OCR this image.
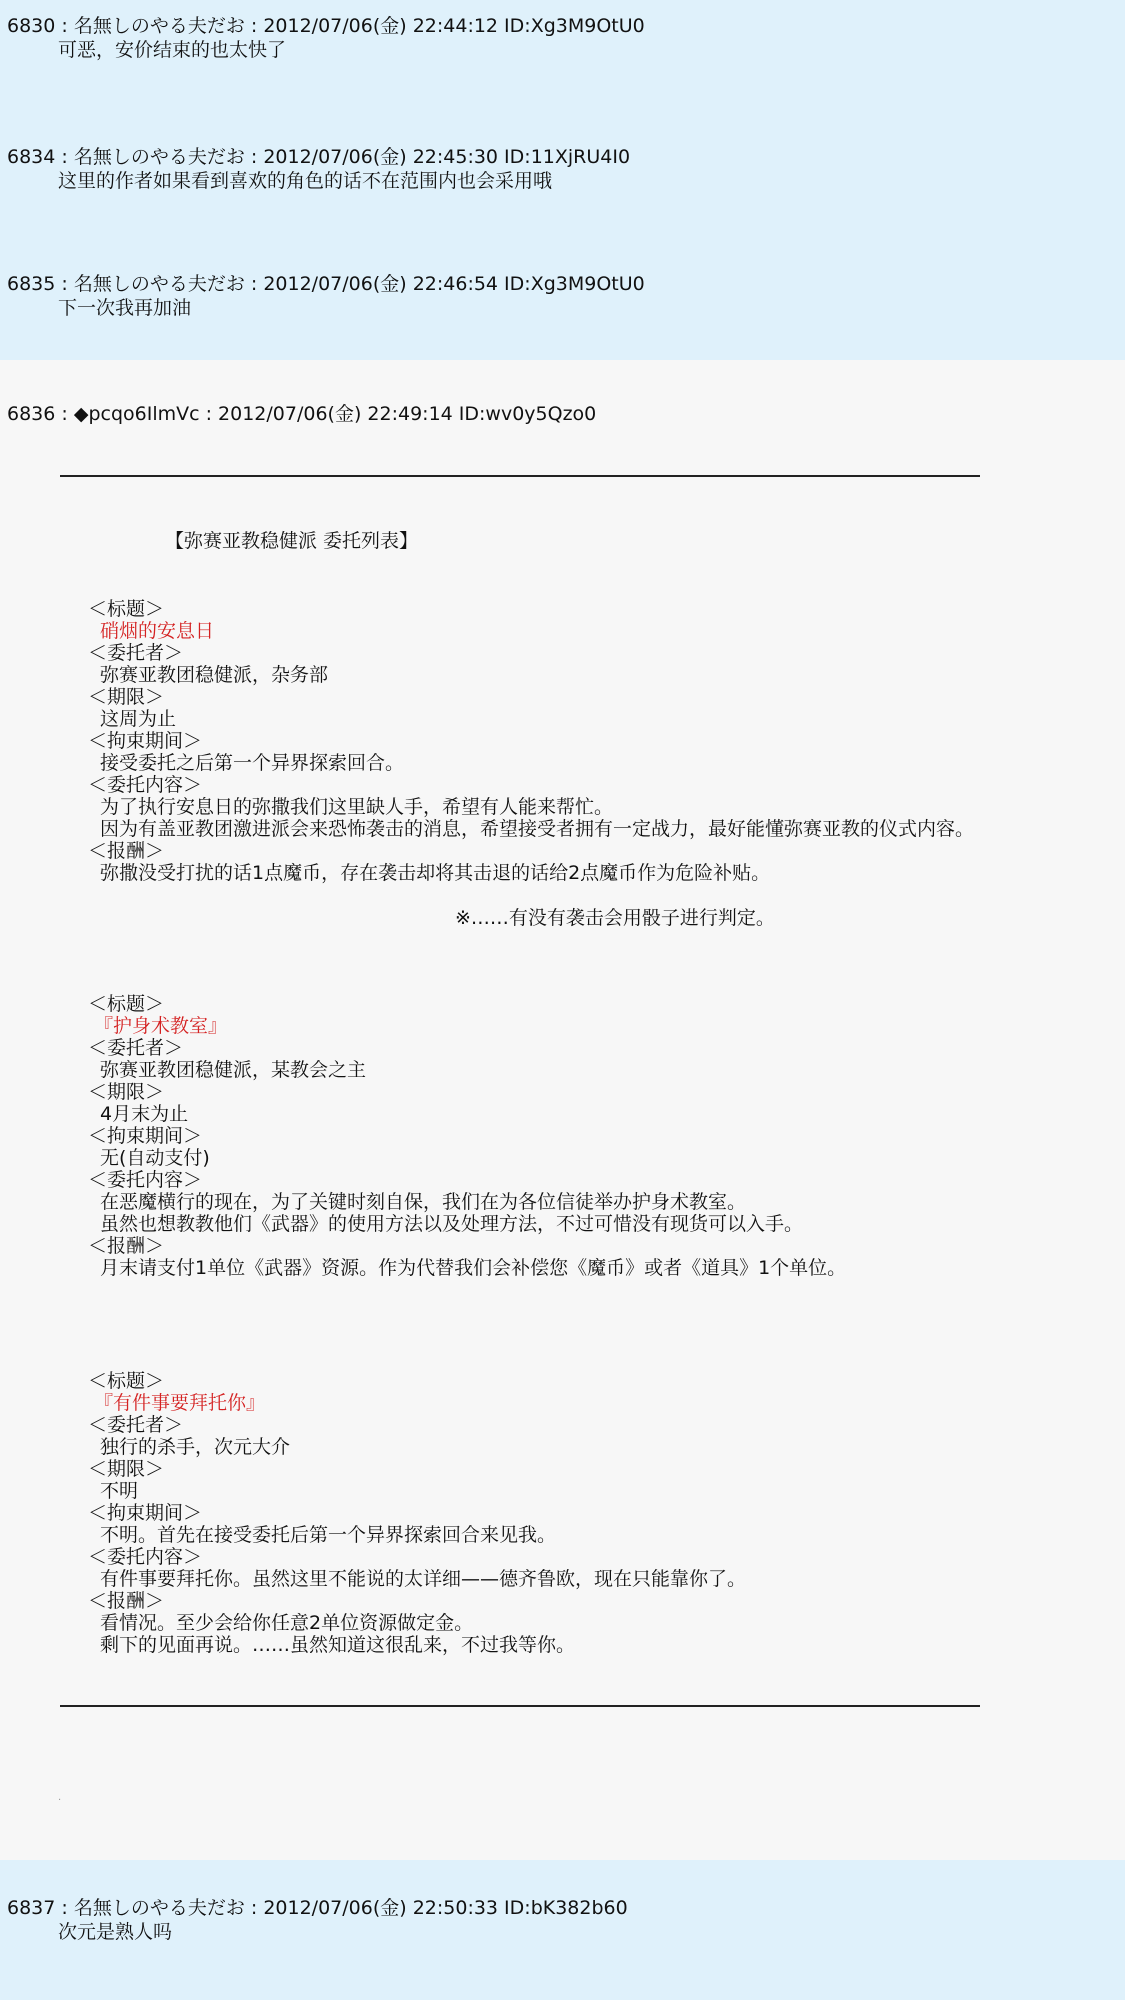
6830 : 名無しのやる夫だお : 2012/07/06(金) 22:44:12 ID:Xg3M9OtU0
可恶，安价结束的也太快了
6834 : 名無しのやる夫だお : 2012/07/06(金) 22:45:30 ID:11XjRU4I0
这里的作者如果看到喜欢的角色的话不在范围内也会采用哦
6835 : 名無しのやる夫だお : 2012/07/06(金) 22:46:54 ID:Xg3M9OtU0
下一次我再加油
6836 : ◆pcqo6IlmVc : 2012/07/06(金) 22:49:14 ID:wv0y5Qzo0
【弥赛亚教稳健派 委托列表】
＜标题＞
硝烟的安息日
＜委托者＞
弥赛亚教团稳健派，杂务部
＜期限＞
这周为止
＜拘束期间＞
接受委托之后第一个异界探索回合。
＜委托内容＞
为了执行安息日的弥撒我们这里缺人手，希望有人能来帮忙。
因为有盖亚教团激进派会来恐怖袭击的消息，希望接受者拥有一定战力，最好能懂弥赛亚教的仪式内容。
＜报酬＞
弥撒没受打扰的话1点魔币，存在袭击却将其击退的话给2点魔币作为危险补贴。
※……有没有袭击会用骰子进行判定。
＜标题＞
『护身术教室』
＜委托者＞
弥赛亚教团稳健派，某教会之主
＜期限＞
4月末为止
＜拘束期间＞
无(自动支付)
＜委托内容＞
在恶魔横行的现在，为了关键时刻自保，我们在为各位信徒举办护身术教室。
虽然也想教教他们《武器》的使用方法以及处理方法，不过可惜没有现货可以入手。
＜报酬＞
月末请支付1单位《武器》资源。作为代替我们会补偿您《魔币》或者《道具》1个单位。
＜标题＞
『有件事要拜托你』
＜委托者＞
独行的杀手，次元大介
＜期限＞
不明
＜拘束期间＞
不明。首先在接受委托后第一个异界探索回合来见我。
＜委托内容＞
有件事要拜托你。虽然这里不能说的太详细——德齐鲁欧，现在只能靠你了。
＜报酬＞
看情况。至少会给你任意2单位资源做定金。
剩下的见面再说。……虽然知道这很乱来，不过我等你。
.
6837 : 名無しのやる夫だお : 2012/07/06(金) 22:50:33 ID:bK382b60
次元是熟人吗
